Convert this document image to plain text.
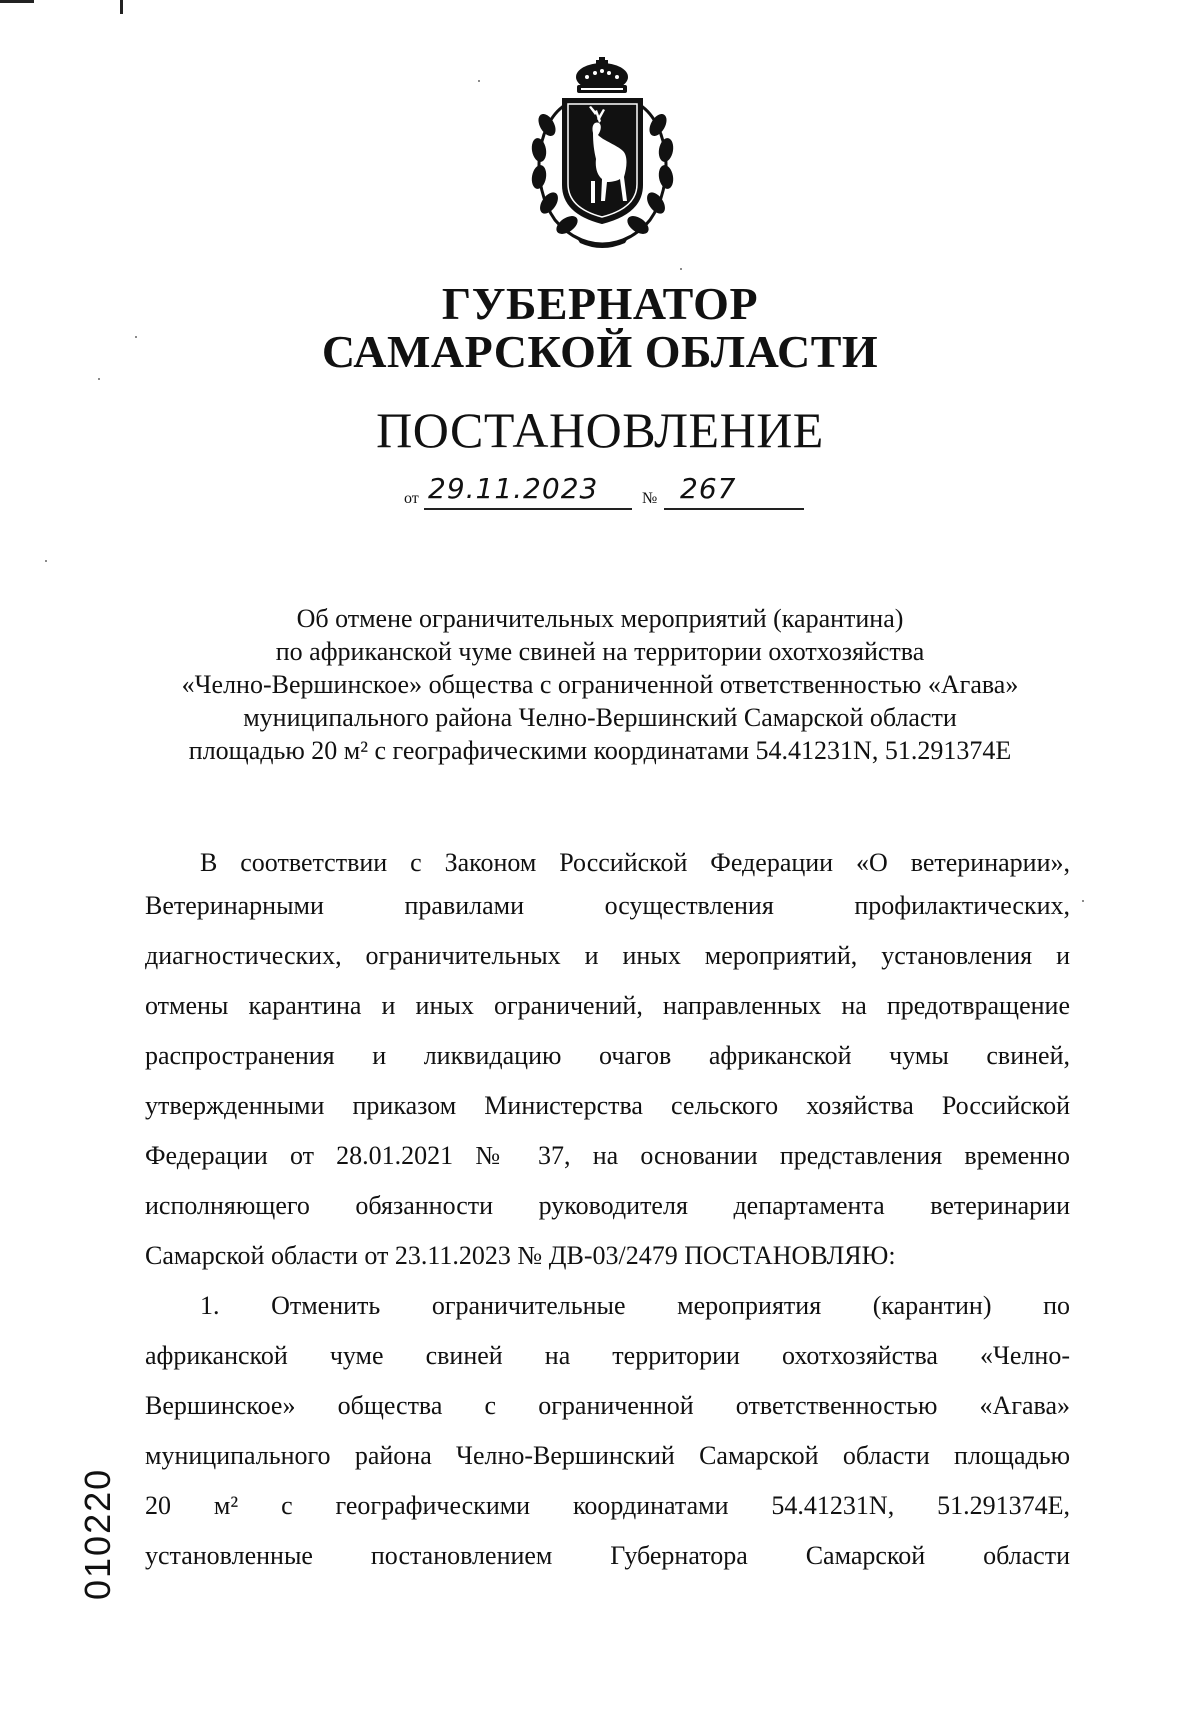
ГУБЕРНАТОР
САМАРСКОЙ ОБЛАСТИ
ПОСТАНОВЛЕНИЕ
от 29.11.2023	№ 267
Об отмене ограничительных мероприятий (карантина)
по африканской чуме свиней на территории охотхозяйства
«Челно-Вершинское» общества с ограниченной ответственностью «Агава»
муниципального района Челно-Вершинский Самарской области
площадью 20 м² с географическими координатами 54.41231N, 51.291374E
В соответствии с Законом Российской Федерации «О ветеринарии»,
Ветеринарными правилами осуществления профилактических,
диагностических, ограничительных и иных мероприятий, установления и
отмены карантина и иных ограничений, направленных на предотвращение
распространения и ликвидацию очагов африканской чумы свиней,
утвержденными приказом Министерства сельского хозяйства Российской
Федерации от 28.01.2021 № 37, на основании представления временно
исполняющего обязанности руководителя департамента ветеринарии
Самарской области от 23.11.2023 № ДВ-03/2479 ПОСТАНОВЛЯЮ:
1. Отменить ограничительные мероприятия (карантин) по
африканской чуме свиней на территории охотхозяйства «Челно-
Вершинское» общества с ограниченной ответственностью «Агава»
муниципального района Челно-Вершинский Самарской области площадью
20 м² с географическими координатами 54.41231N, 51.291374E,
установленные постановлением Губернатора Самарской области
010220
